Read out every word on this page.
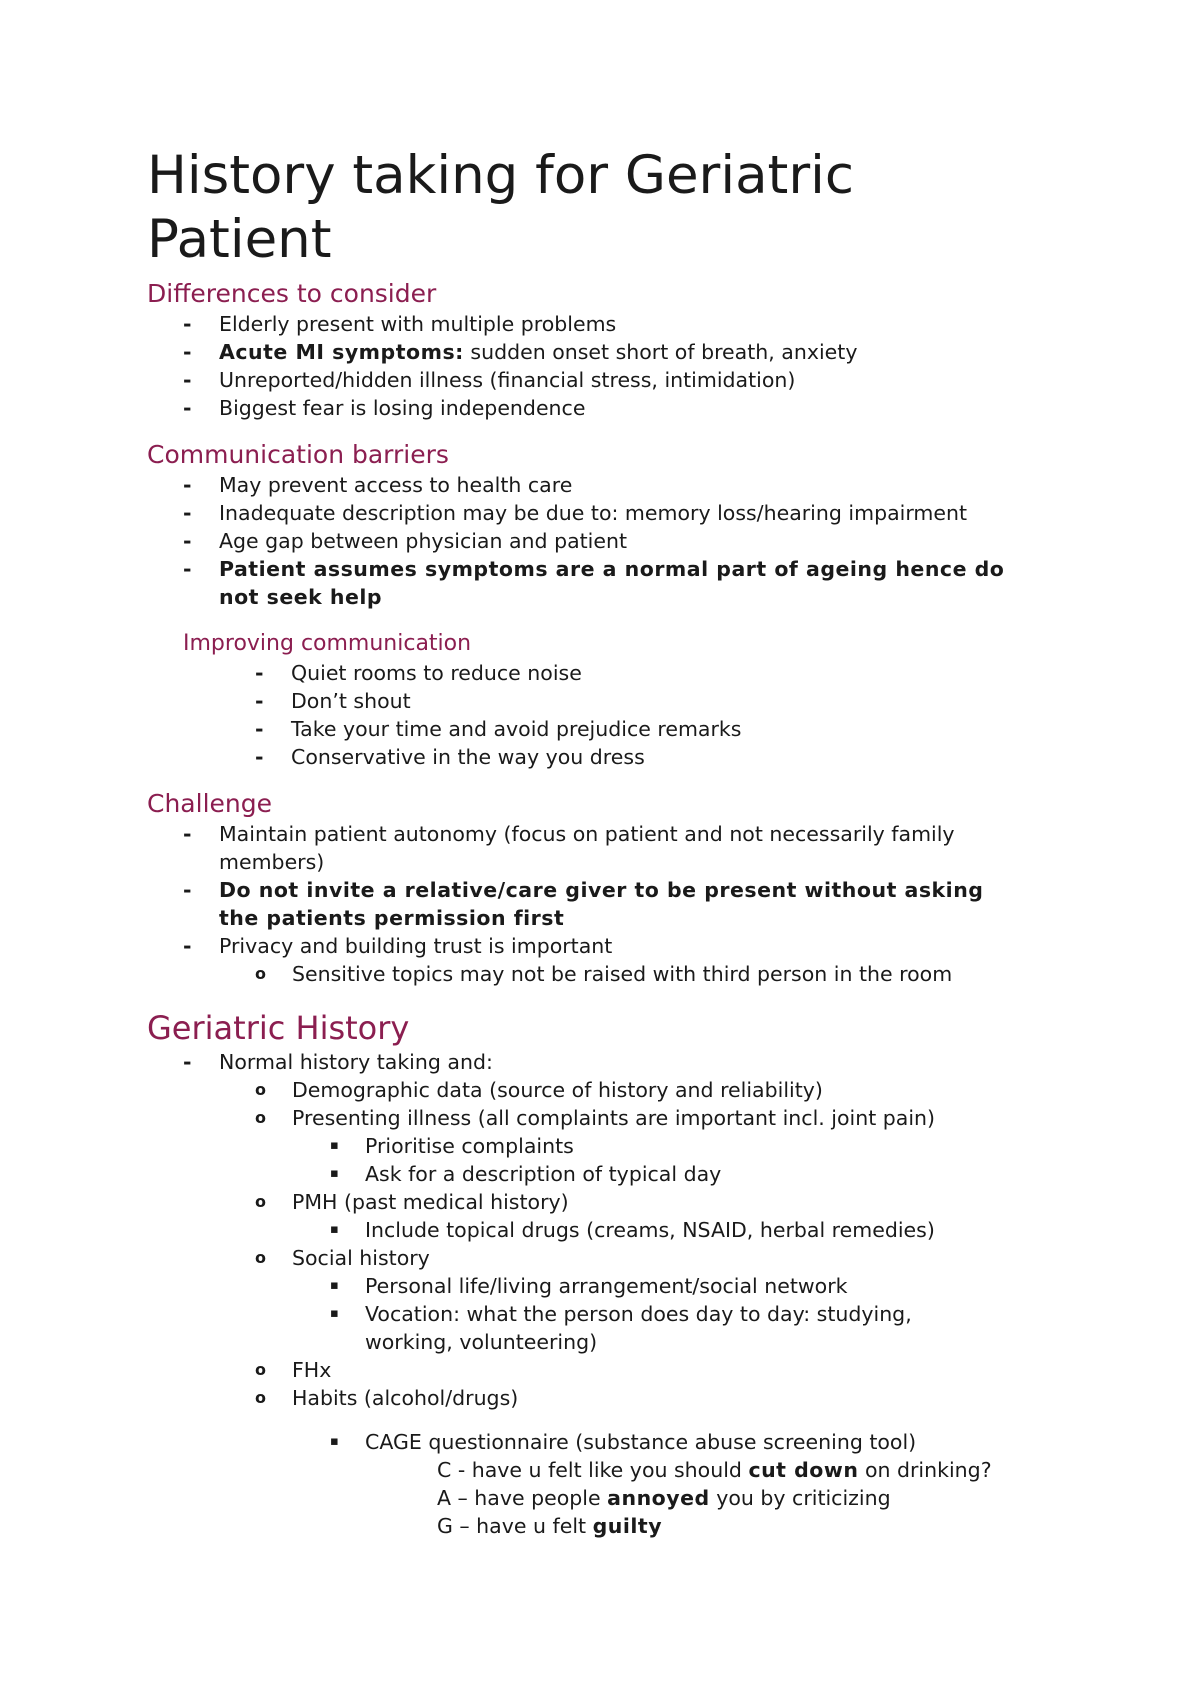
History taking for Geriatric
Patient
Differences to consider
-	Elderly present with multiple problems
-	Acute MI symptoms: sudden onset short of breath, anxiety
-	Unreported/hidden illness (financial stress, intimidation)
-	Biggest fear is losing independence
Communication barriers
-	May prevent access to health care
-	Inadequate description may be due to: memory loss/hearing impairment
-	Age gap between physician and patient
-	Patient assumes symptoms are a normal part of ageing hence do
not seek help
Improving communication
-	Quiet rooms to reduce noise
-	Don’t shout
-	Take your time and avoid prejudice remarks
-	Conservative in the way you dress
Challenge
-	Maintain patient autonomy (focus on patient and not necessarily family
members)
-	Do not invite a relative/care giver to be present without asking
the patients permission first
-	Privacy and building trust is important
o Sensitive topics may not be raised with third person in the room
Geriatric History
-	Normal history taking and:
o Demographic data (source of history and reliability)
o Presenting illness (all complaints are important incl. joint pain)
▪ Prioritise complaints
▪ Ask for a description of typical day
o PMH (past medical history)
▪ Include topical drugs (creams, NSAID, herbal remedies)
o Social history
▪ Personal life/living arrangement/social network
▪ Vocation: what the person does day to day: studying,
working, volunteering)
o FHx
o Habits (alcohol/drugs)
▪ CAGE questionnaire (substance abuse screening tool)
C - have u felt like you should cut down on drinking?
A – have people annoyed you by criticizing
G – have u felt guilty
